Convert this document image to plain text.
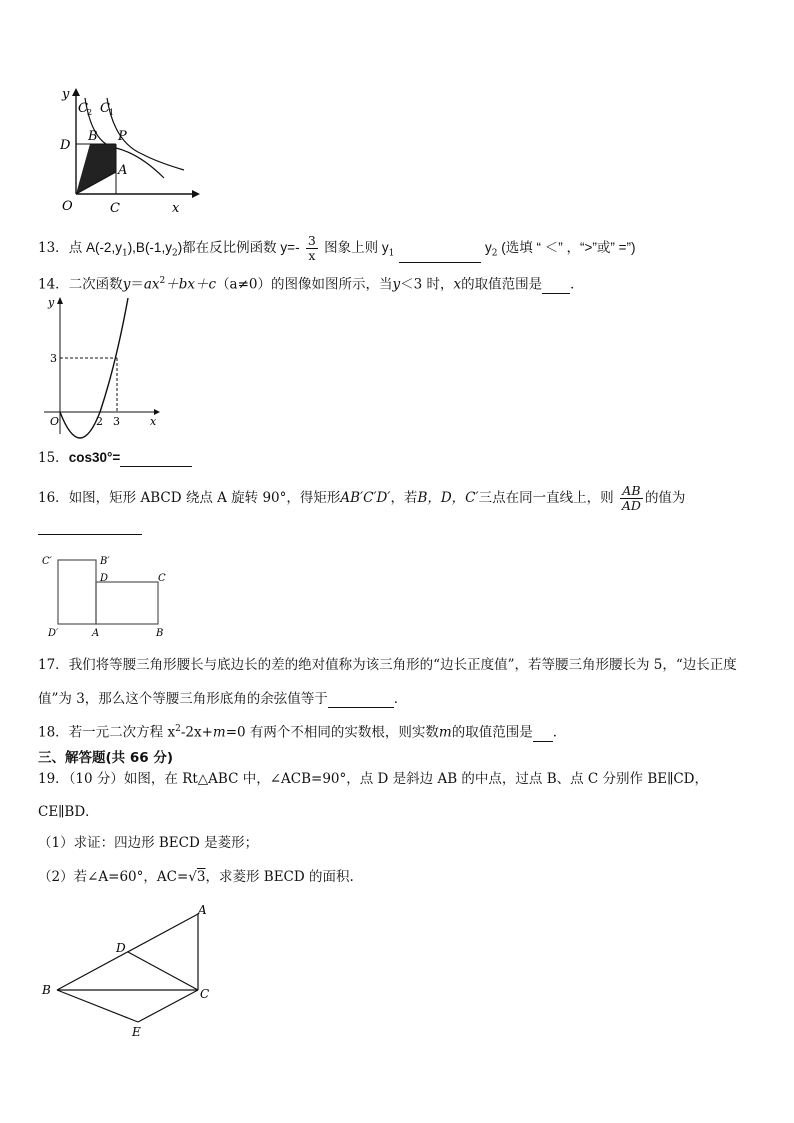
y
C 2 C 1
D
B P
A
O	C	x
13．点 $A(-2,y_1),B(-1,y_2)$都在反比例函数 $y=- \frac{3}{x}$ 图象上则 $y_1$	$y_2$ (选填 “ ＜” ，“>”或” =”)
14．二次函数$y=ax^2+bx+c(a\ne 0)$的图像如图所示，当y＜3 时，x的取值范围是 ．
y
3
O	2 3	x
15．cos30°=
16．如图，矩形 ABCD 绕点 A 旋转 90°，得矩形AB′C′D′，若B，D，C′三点在同一直线上，则 $\frac{AB}{AD}$ 的值为
C′	B′
D	C
D′	A	B
17．我们将等腰三角形腰长与底边长的差的绝对值称为该三角形的“边长正度值”，若等腰三角形腰长为 5，“边长正度
值”为 3，那么这个等腰三角形底角的余弦值等于	．
18．若一元二次方程 $x^2-2x+m=0$ 有两个不相同的实数根，则实数m的取值范围是 ．
三、解答题(共 66 分)
19．（10 分）如图，在 Rt△ABC 中，∠ACB=90°，点 D 是斜边 AB 的中点，过点 B、点 C 分别作 BE∥CD，
CE∥BD．
（1）求证：四边形 BECD 是菱形；
（2）若∠A=60°，AC=√3，求菱形 BECD 的面积.
A
D
B	C
E
